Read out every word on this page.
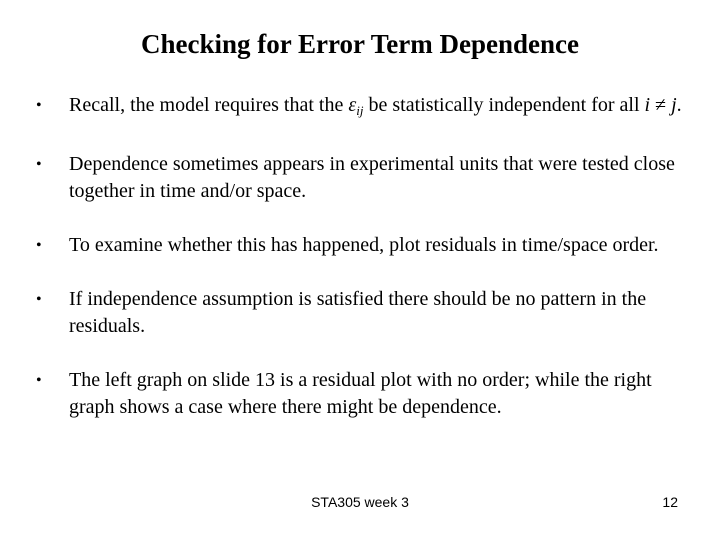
Checking for Error Term Dependence
• Recall, the model requires that the $\varepsilon_{ij}$ be statistically independent for all i ≠ j.
• Dependence sometimes appears in experimental units that were tested close together in time and/or space.
• To examine whether this has happened, plot residuals in time/space order.
• If independence assumption is satisfied there should be no pattern in the residuals.
• The left graph on slide 13 is a residual plot with no order; while the right graph shows a case where there might be dependence.
STA305 week 3	12
